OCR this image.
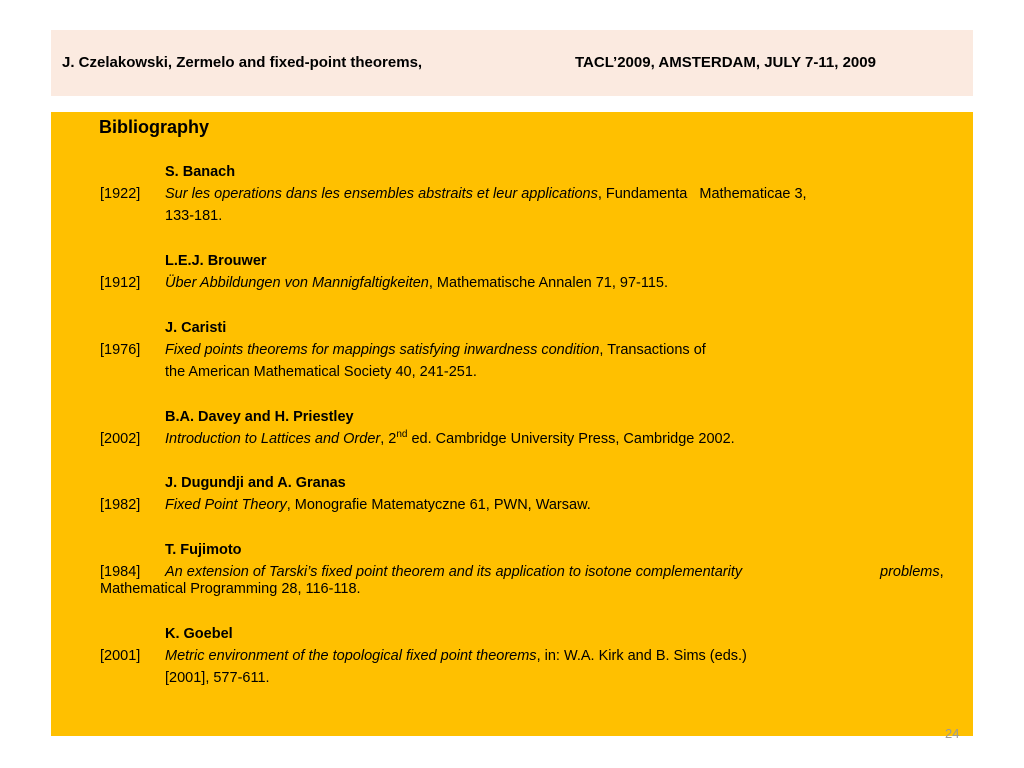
J. Czelakowski, Zermelo and fixed-point theorems,	TACL’2009, AMSTERDAM, JULY 7-11, 2009
Bibliography
S. Banach
[1922] Sur les operations dans les ensembles abstraits et leur applications, Fundamenta   Mathematicae 3,
133-181.
L.E.J. Brouwer
[1912] Über Abbildungen von Mannigfaltigkeiten, Mathematische Annalen 71, 97-115.
J. Caristi
[1976] Fixed points theorems for mappings satisfying inwardness condition, Transactions of
the American Mathematical Society 40, 241-251.
B.A. Davey and H. Priestley
[2002] Introduction to Lattices and Order, 2nd ed. Cambridge University Press, Cambridge 2002.
J. Dugundji and A. Granas
[1982] Fixed Point Theory, Monografie Matematyczne 61, PWN, Warsaw.
T. Fujimoto
[1984] An extension of Tarski’s fixed point theorem and its application to isotone complementarity	problems,
Mathematical Programming 28, 116-118.
K. Goebel
[2001] Metric environment of the topological fixed point theorems, in: W.A. Kirk and B. Sims (eds.)
[2001], 577-611.
24
